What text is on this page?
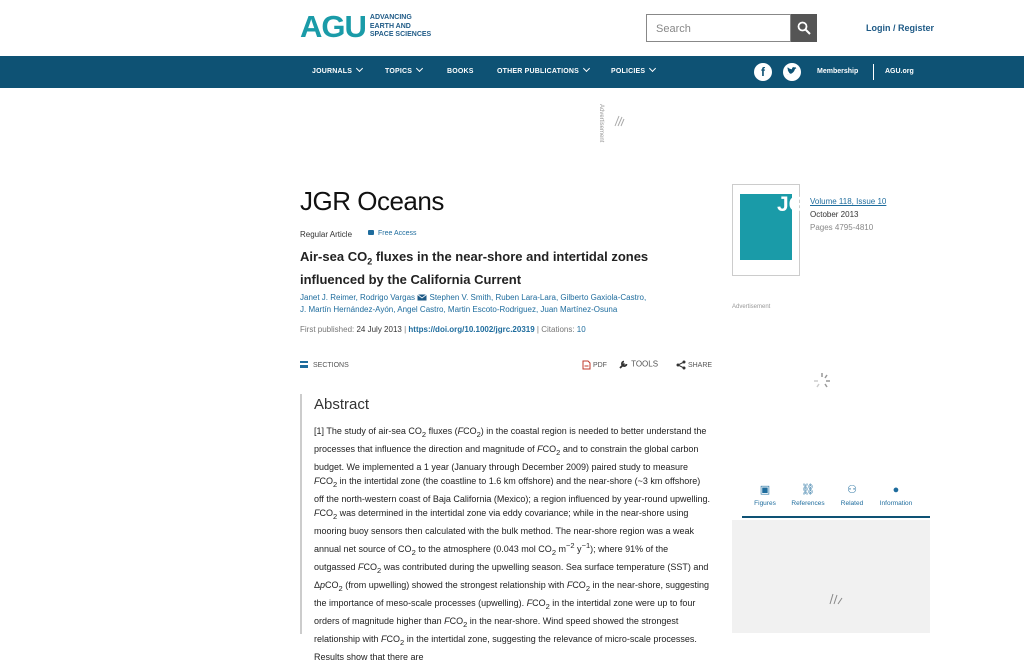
AGU ADVANCING
EARTH AND
SPACE SCIENCES	Search	Login / Register
JOURNALS	TOPICS	BOOKS	OTHER PUBLICATIONS	POLICIES	f	Membership	AGU.org
Advertisement
JGR Oceans
Regular Article	Free Access
Air-sea $CO_2$ fluxes in the near-shore and intertidal zones influenced by the California Current
Janet J. Reimer, Rodrigo Vargas  Stephen V. Smith, Ruben Lara-Lara, Gilberto Gaxiola-Castro,
J. Martín Hernández-Ayón, Angel Castro, Martin Escoto-Rodriguez, Juan Martínez-Osuna
First published: 24 July 2013 | https://doi.org/10.1002/jgrc.20319 | Citations: 10
SECTIONS	PDF	TOOLS	SHARE
Abstract
[1] The study of air-sea $CO_2$ fluxes $(FCO_2)$ in the coastal region is needed to better understand the processes that influence the direction and magnitude of $FCO_2$ and to constrain the global carbon budget. We implemented a 1 year (January through December 2009) paired study to measure $FCO_2$ in the intertidal zone (the coastline to 1.6 km offshore) and the near-shore (~3 km offshore) off the north-western coast of Baja California (Mexico); a region influenced by year-round upwelling. $FCO_2$ was determined in the intertidal zone via eddy covariance; while in the near-shore using mooring buoy sensors then calculated with the bulk method. The near-shore region was a weak annual net source of $CO_2$ to the atmosphere (0.043 mol $CO_2$ $m^{-2}$ $y^{-1}$); where 91% of the outgassed $FCO_2$ was contributed during the upwelling season. Sea surface temperature (SST) and ΔpCO$_2$ (from upwelling) showed the strongest relationship with $FCO_2$ in the near-shore, suggesting the importance of meso-scale processes (upwelling). $FCO_2$ in the intertidal zone were up to four orders of magnitude higher than $FCO_2$ in the near-shore. Wind speed showed the strongest relationship with $FCO_2$ in the intertidal zone, suggesting the relevance of micro-scale processes. Results show that there are
JGR
Volume 118, Issue 10
October 2013
Pages 4795-4810
Advertisement
▣
Figures
⛓
References
⚇
Related
●
Information
